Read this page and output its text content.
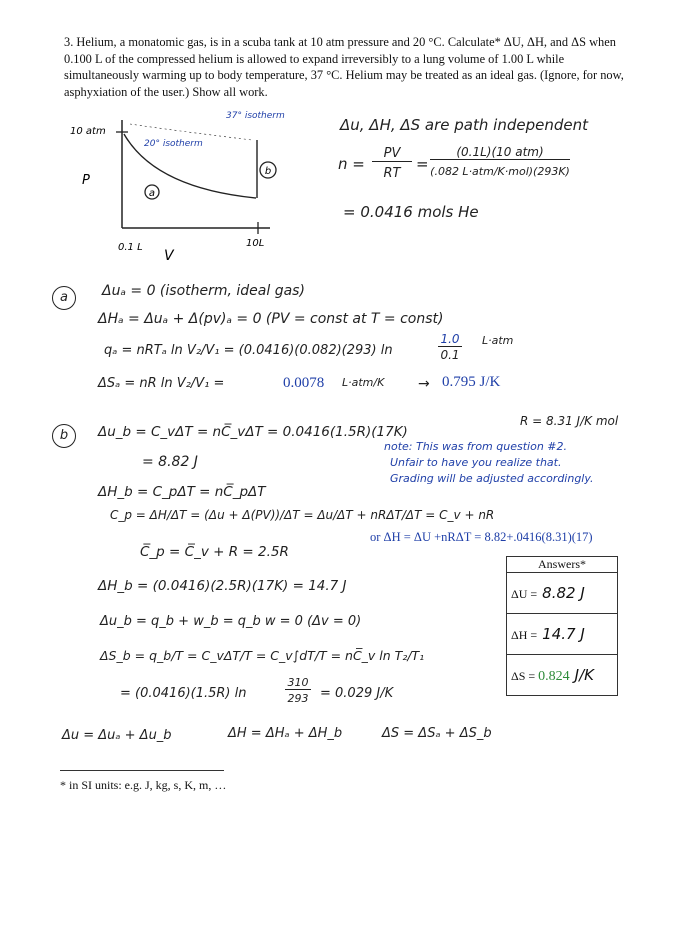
3. Helium, a monatomic gas, is in a scuba tank at 10 atm pressure and 20 °C. Calculate* ΔU, ΔH, and ΔS when 0.100 L of the compressed helium is allowed to expand irreversibly to a lung volume of 1.00 L while simultaneously warming up to body temperature, 37 °C. Helium may be treated as an ideal gas. (Ignore, for now, asphyxiation of the user.) Show all work.

a
b
10 atm
P
0.1 L
V
10L
20° isotherm
37° isotherm	Δu, ΔH, ΔS are path independent
n =
PV
RT
=
(0.1L)(10 atm)
(.082 L·atm/K·mol)(293K)
= 0.0416 mols He
a	Δuₐ = 0 (isotherm, ideal gas)
ΔHₐ = Δuₐ + Δ(pv)ₐ = 0 (PV = const at T = const)
qₐ = nRTₐ ln V₂/V₁ = (0.0416)(0.082)(293) ln
1.0
0.1
L·atm
ΔSₐ = nR ln V₂/V₁ =	0.0078 L·atm/K → 0.795 J/K
b	Δu_b = C_vΔT = nC̅_vΔT = 0.0416(1.5R)(17K)
R = 8.31 J/K mol
= 8.82 J
note: This was from question #2.
Unfair to have you realize that.
Grading will be adjusted accordingly.
ΔH_b = C_pΔT = nC̅_pΔT
C_p = ΔH/ΔT = (Δu + Δ(PV))/ΔT = Δu/ΔT + nRΔT/ΔT = C_v + nR
or ΔH = ΔU +nRΔT = 8.82+.0416(8.31)(17)
C̅_p = C̅_v + R = 2.5R
ΔH_b = (0.0416)(2.5R)(17K) = 14.7 J
Δu_b = q_b + w_b = q_b w = 0 (Δv = 0)
ΔS_b = q_b/T = C_vΔT/T = C_v∫dT/T = nC̅_v ln T₂/T₁
= (0.0416)(1.5R) ln
310
293 = 0.029 J/K
Δu = Δuₐ + Δu_b	ΔH = ΔHₐ + ΔH_b	ΔS = ΔSₐ + ΔS_b
Answers*
ΔU = 8.82 J
ΔH = 14.7 J
ΔS = 0.824 J/K
* in SI units: e.g. J, kg, s, K, m, …
